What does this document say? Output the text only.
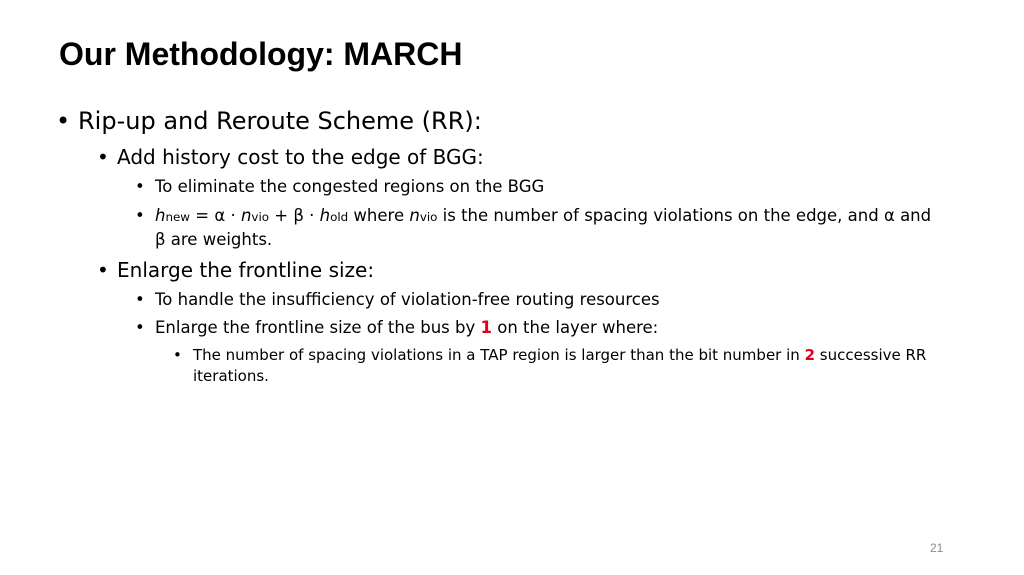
Our Methodology: MARCH
• Rip-up and Reroute Scheme (RR):
• Add history cost to the edge of BGG:
• To eliminate the congested regions on the BGG
• hnew = α · nvio + β · hold where nvio is the number of spacing violations on the edge, and α and
β are weights.
• Enlarge the frontline size:
• To handle the insufficiency of violation-free routing resources
• Enlarge the frontline size of the bus by 1 on the layer where:
• The number of spacing violations in a TAP region is larger than the bit number in 2 successive RR
iterations.
21
